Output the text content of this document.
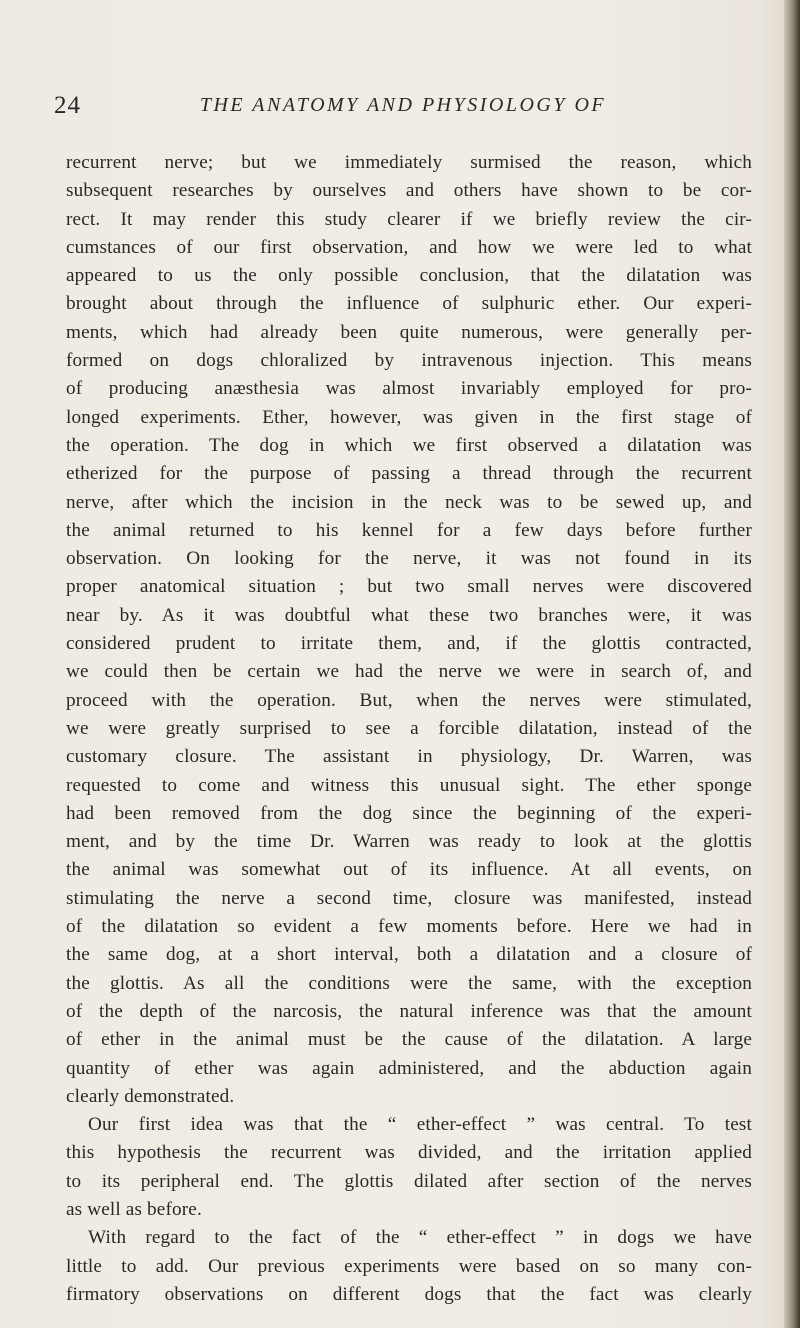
24	THE ANATOMY AND PHYSIOLOGY OF

recurrent nerve; but we immediately surmised the reason, which
subsequent researches by ourselves and others have shown to be cor-
rect. It may render this study clearer if we briefly review the cir-
cumstances of our first observation, and how we were led to what
appeared to us the only possible conclusion, that the dilatation was
brought about through the influence of sulphuric ether. Our experi-
ments, which had already been quite numerous, were generally per-
formed on dogs chloralized by intravenous injection. This means
of producing anæsthesia was almost invariably employed for pro-
longed experiments. Ether, however, was given in the first stage of
the operation. The dog in which we first observed a dilatation was
etherized for the purpose of passing a thread through the recurrent
nerve, after which the incision in the neck was to be sewed up, and
the animal returned to his kennel for a few days before further
observation. On looking for the nerve, it was not found in its
proper anatomical situation ; but two small nerves were discovered
near by. As it was doubtful what these two branches were, it was
considered prudent to irritate them, and, if the glottis contracted,
we could then be certain we had the nerve we were in search of, and
proceed with the operation. But, when the nerves were stimulated,
we were greatly surprised to see a forcible dilatation, instead of the
customary closure. The assistant in physiology, Dr. Warren, was
requested to come and witness this unusual sight. The ether sponge
had been removed from the dog since the beginning of the experi-
ment, and by the time Dr. Warren was ready to look at the glottis
the animal was somewhat out of its influence. At all events, on
stimulating the nerve a second time, closure was manifested, instead
of the dilatation so evident a few moments before. Here we had in
the same dog, at a short interval, both a dilatation and a closure of
the glottis. As all the conditions were the same, with the exception
of the depth of the narcosis, the natural inference was that the amount
of ether in the animal must be the cause of the dilatation. A large
quantity of ether was again administered, and the abduction again
clearly demonstrated.

Our first idea was that the “ ether-effect ” was central. To test
this hypothesis the recurrent was divided, and the irritation applied
to its peripheral end. The glottis dilated after section of the nerves
as well as before.

With regard to the fact of the “ ether-effect ” in dogs we have
little to add. Our previous experiments were based on so many con-
firmatory observations on different dogs that the fact was clearly
